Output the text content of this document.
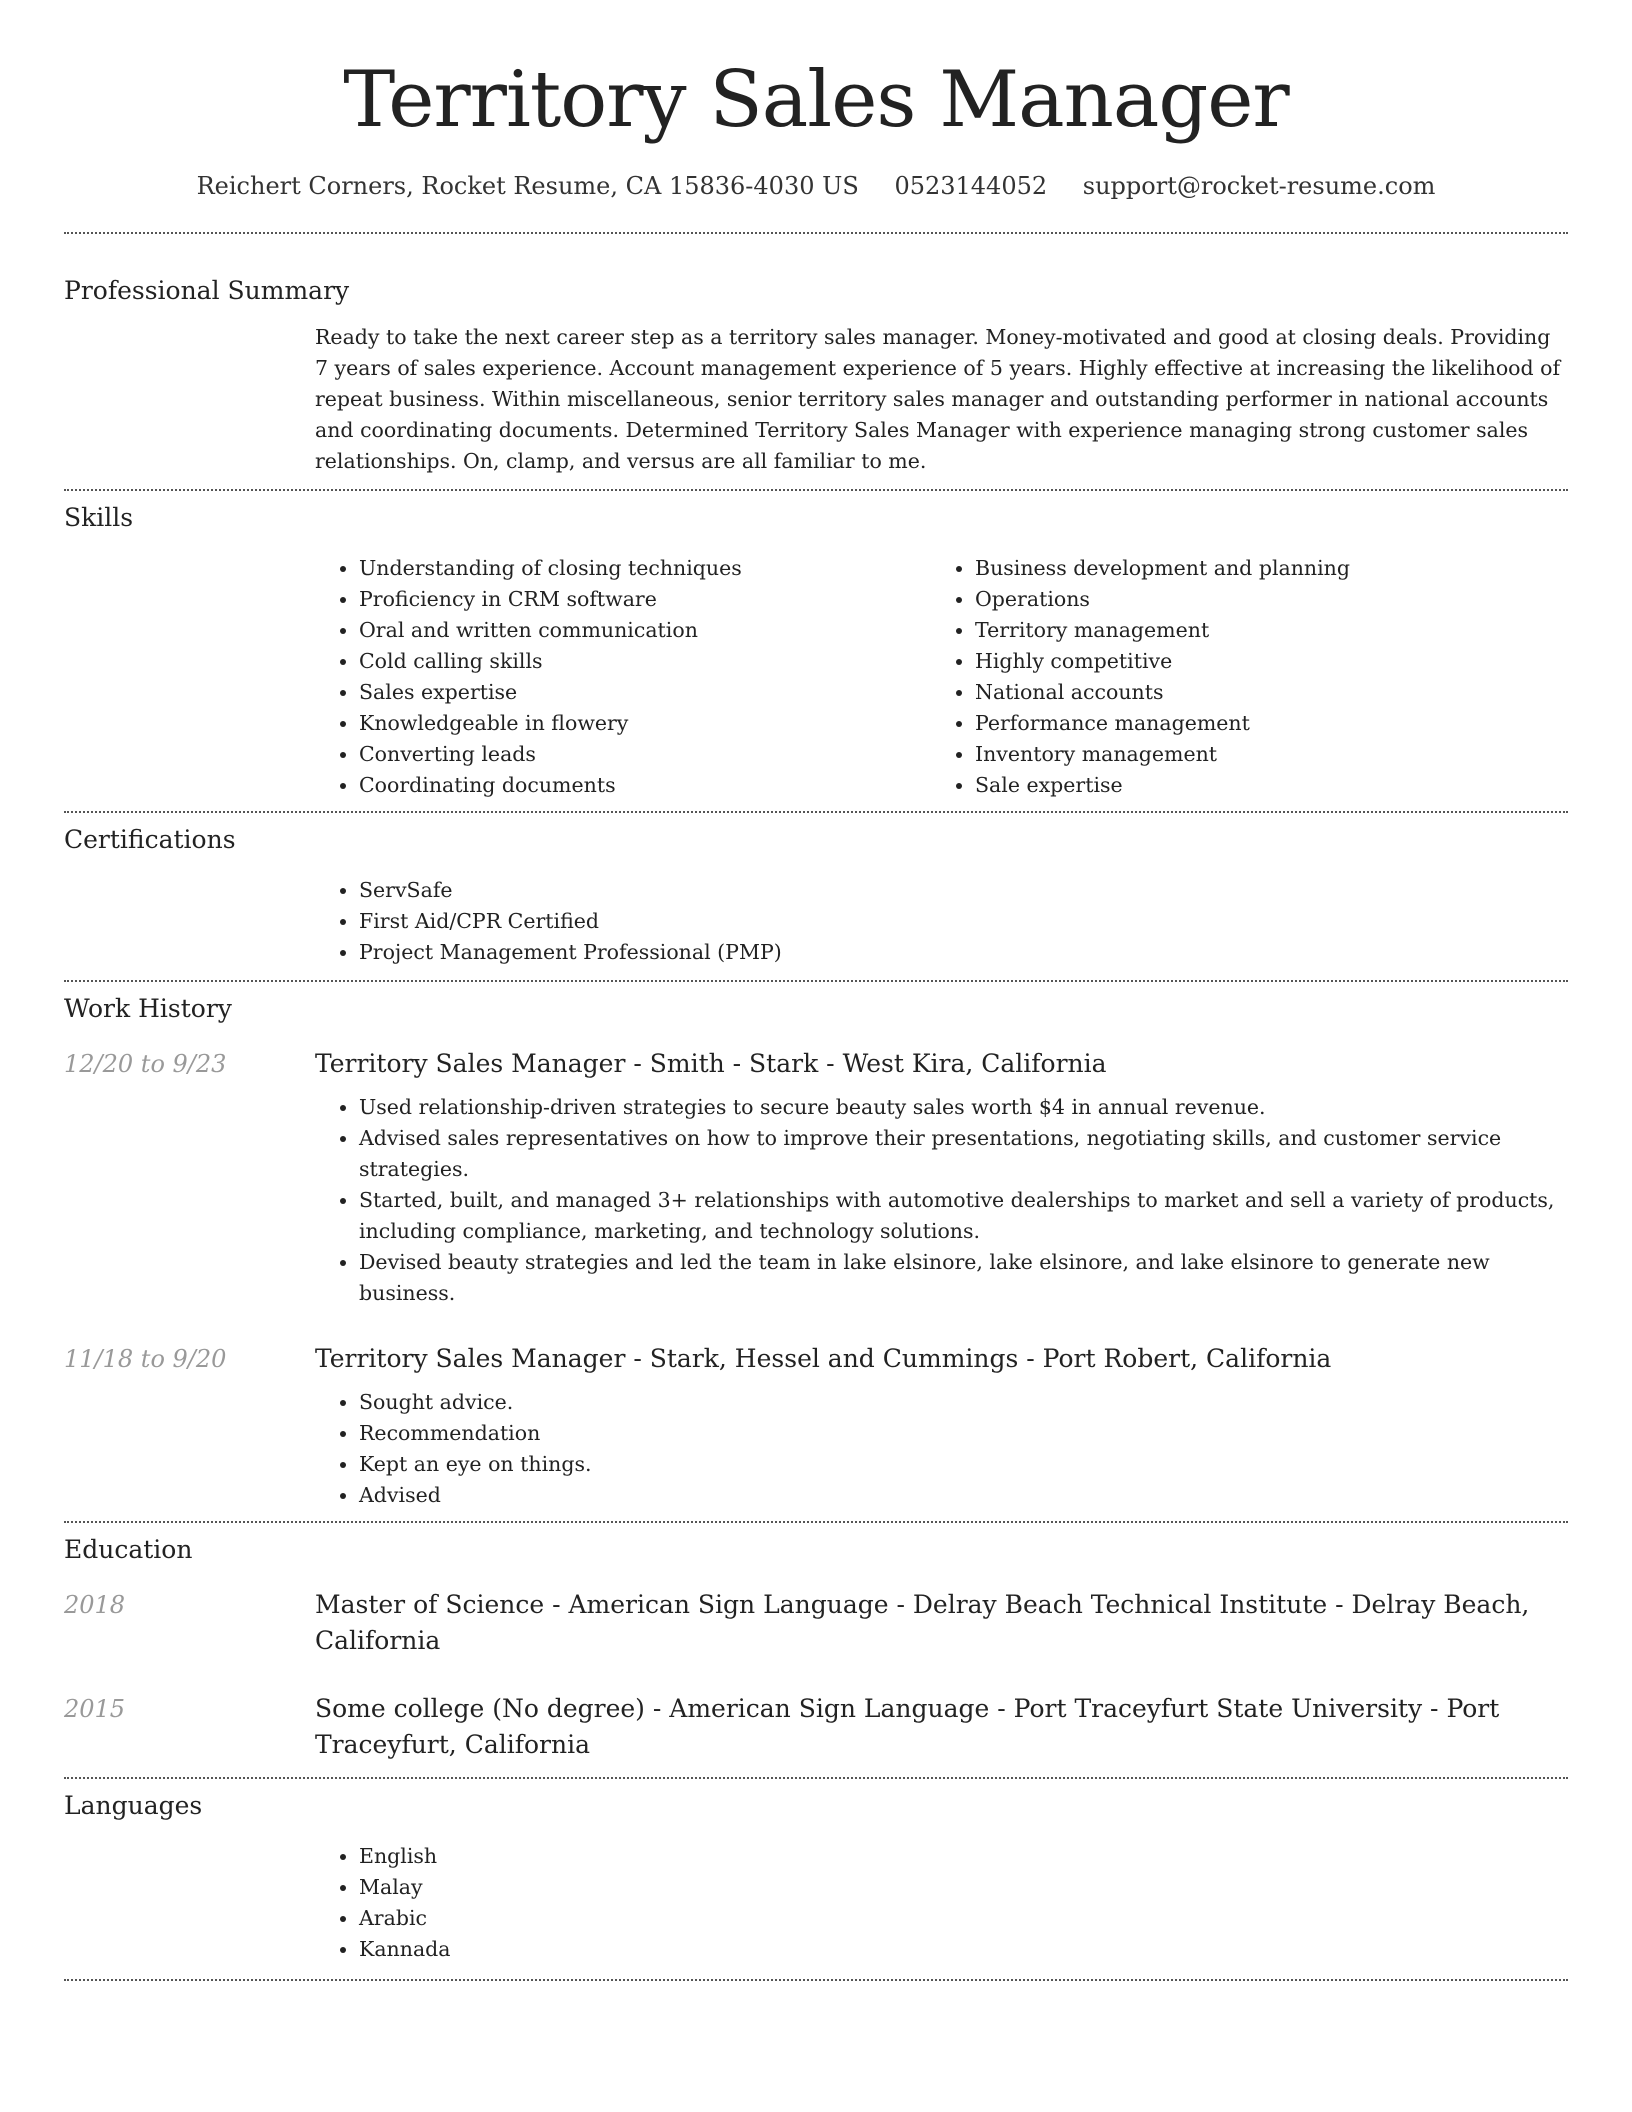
Territory Sales Manager
Reichert Corners, Rocket Resume, CA 15836-4030 US 0523144052 support@rocket-resume.com
Professional Summary
Ready to take the next career step as a territory sales manager. Money-motivated and good at closing deals. Providing 7 years of sales experience. Account management experience of 5 years. Highly effective at increasing the likelihood of repeat business. Within miscellaneous, senior territory sales manager and outstanding performer in national accounts and coordinating documents. Determined Territory Sales Manager with experience managing strong customer sales relationships. On, clamp, and versus are all familiar to me.
Skills
• Understanding of closing techniques
• Proficiency in CRM software
• Oral and written communication
• Cold calling skills
• Sales expertise
• Knowledgeable in flowery
• Converting leads
• Coordinating documents
• Business development and planning
• Operations
• Territory management
• Highly competitive
• National accounts
• Performance management
• Inventory management
• Sale expertise
Certifications
• ServSafe
• First Aid/CPR Certified
• Project Management Professional (PMP)
Work History
12/20 to 9/23	Territory Sales Manager - Smith - Stark - West Kira, California
• Used relationship-driven strategies to secure beauty sales worth $4 in annual revenue.
• Advised sales representatives on how to improve their presentations, negotiating skills, and customer service strategies.
• Started, built, and managed 3+ relationships with automotive dealerships to market and sell a variety of products, including compliance, marketing, and technology solutions.
• Devised beauty strategies and led the team in lake elsinore, lake elsinore, and lake elsinore to generate new business.
11/18 to 9/20	Territory Sales Manager - Stark, Hessel and Cummings - Port Robert, California
• Sought advice.
• Recommendation
• Kept an eye on things.
• Advised
Education
2018	Master of Science - American Sign Language - Delray Beach Technical Institute - Delray Beach, California
2015	Some college (No degree) - American Sign Language - Port Traceyfurt State University - Port Traceyfurt, California
Languages
• English
• Malay
• Arabic
• Kannada
